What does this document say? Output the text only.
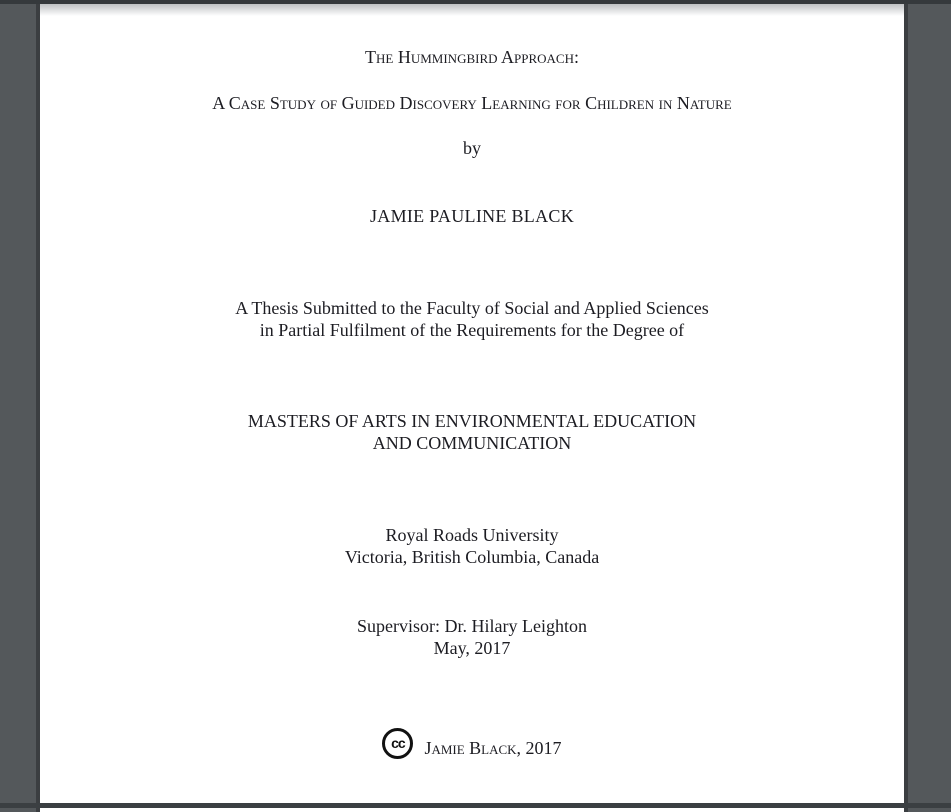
The Hummingbird Approach:
A Case Study of Guided Discovery Learning for Children in Nature
by
JAMIE PAULINE BLACK
A Thesis Submitted to the Faculty of Social and Applied Sciences
in Partial Fulfilment of the Requirements for the Degree of
MASTERS OF ARTS IN ENVIRONMENTAL EDUCATION
AND COMMUNICATION
Royal Roads University
Victoria, British Columbia, Canada
Supervisor: Dr. Hilary Leighton
May, 2017
cc	Jamie Black, 2017
